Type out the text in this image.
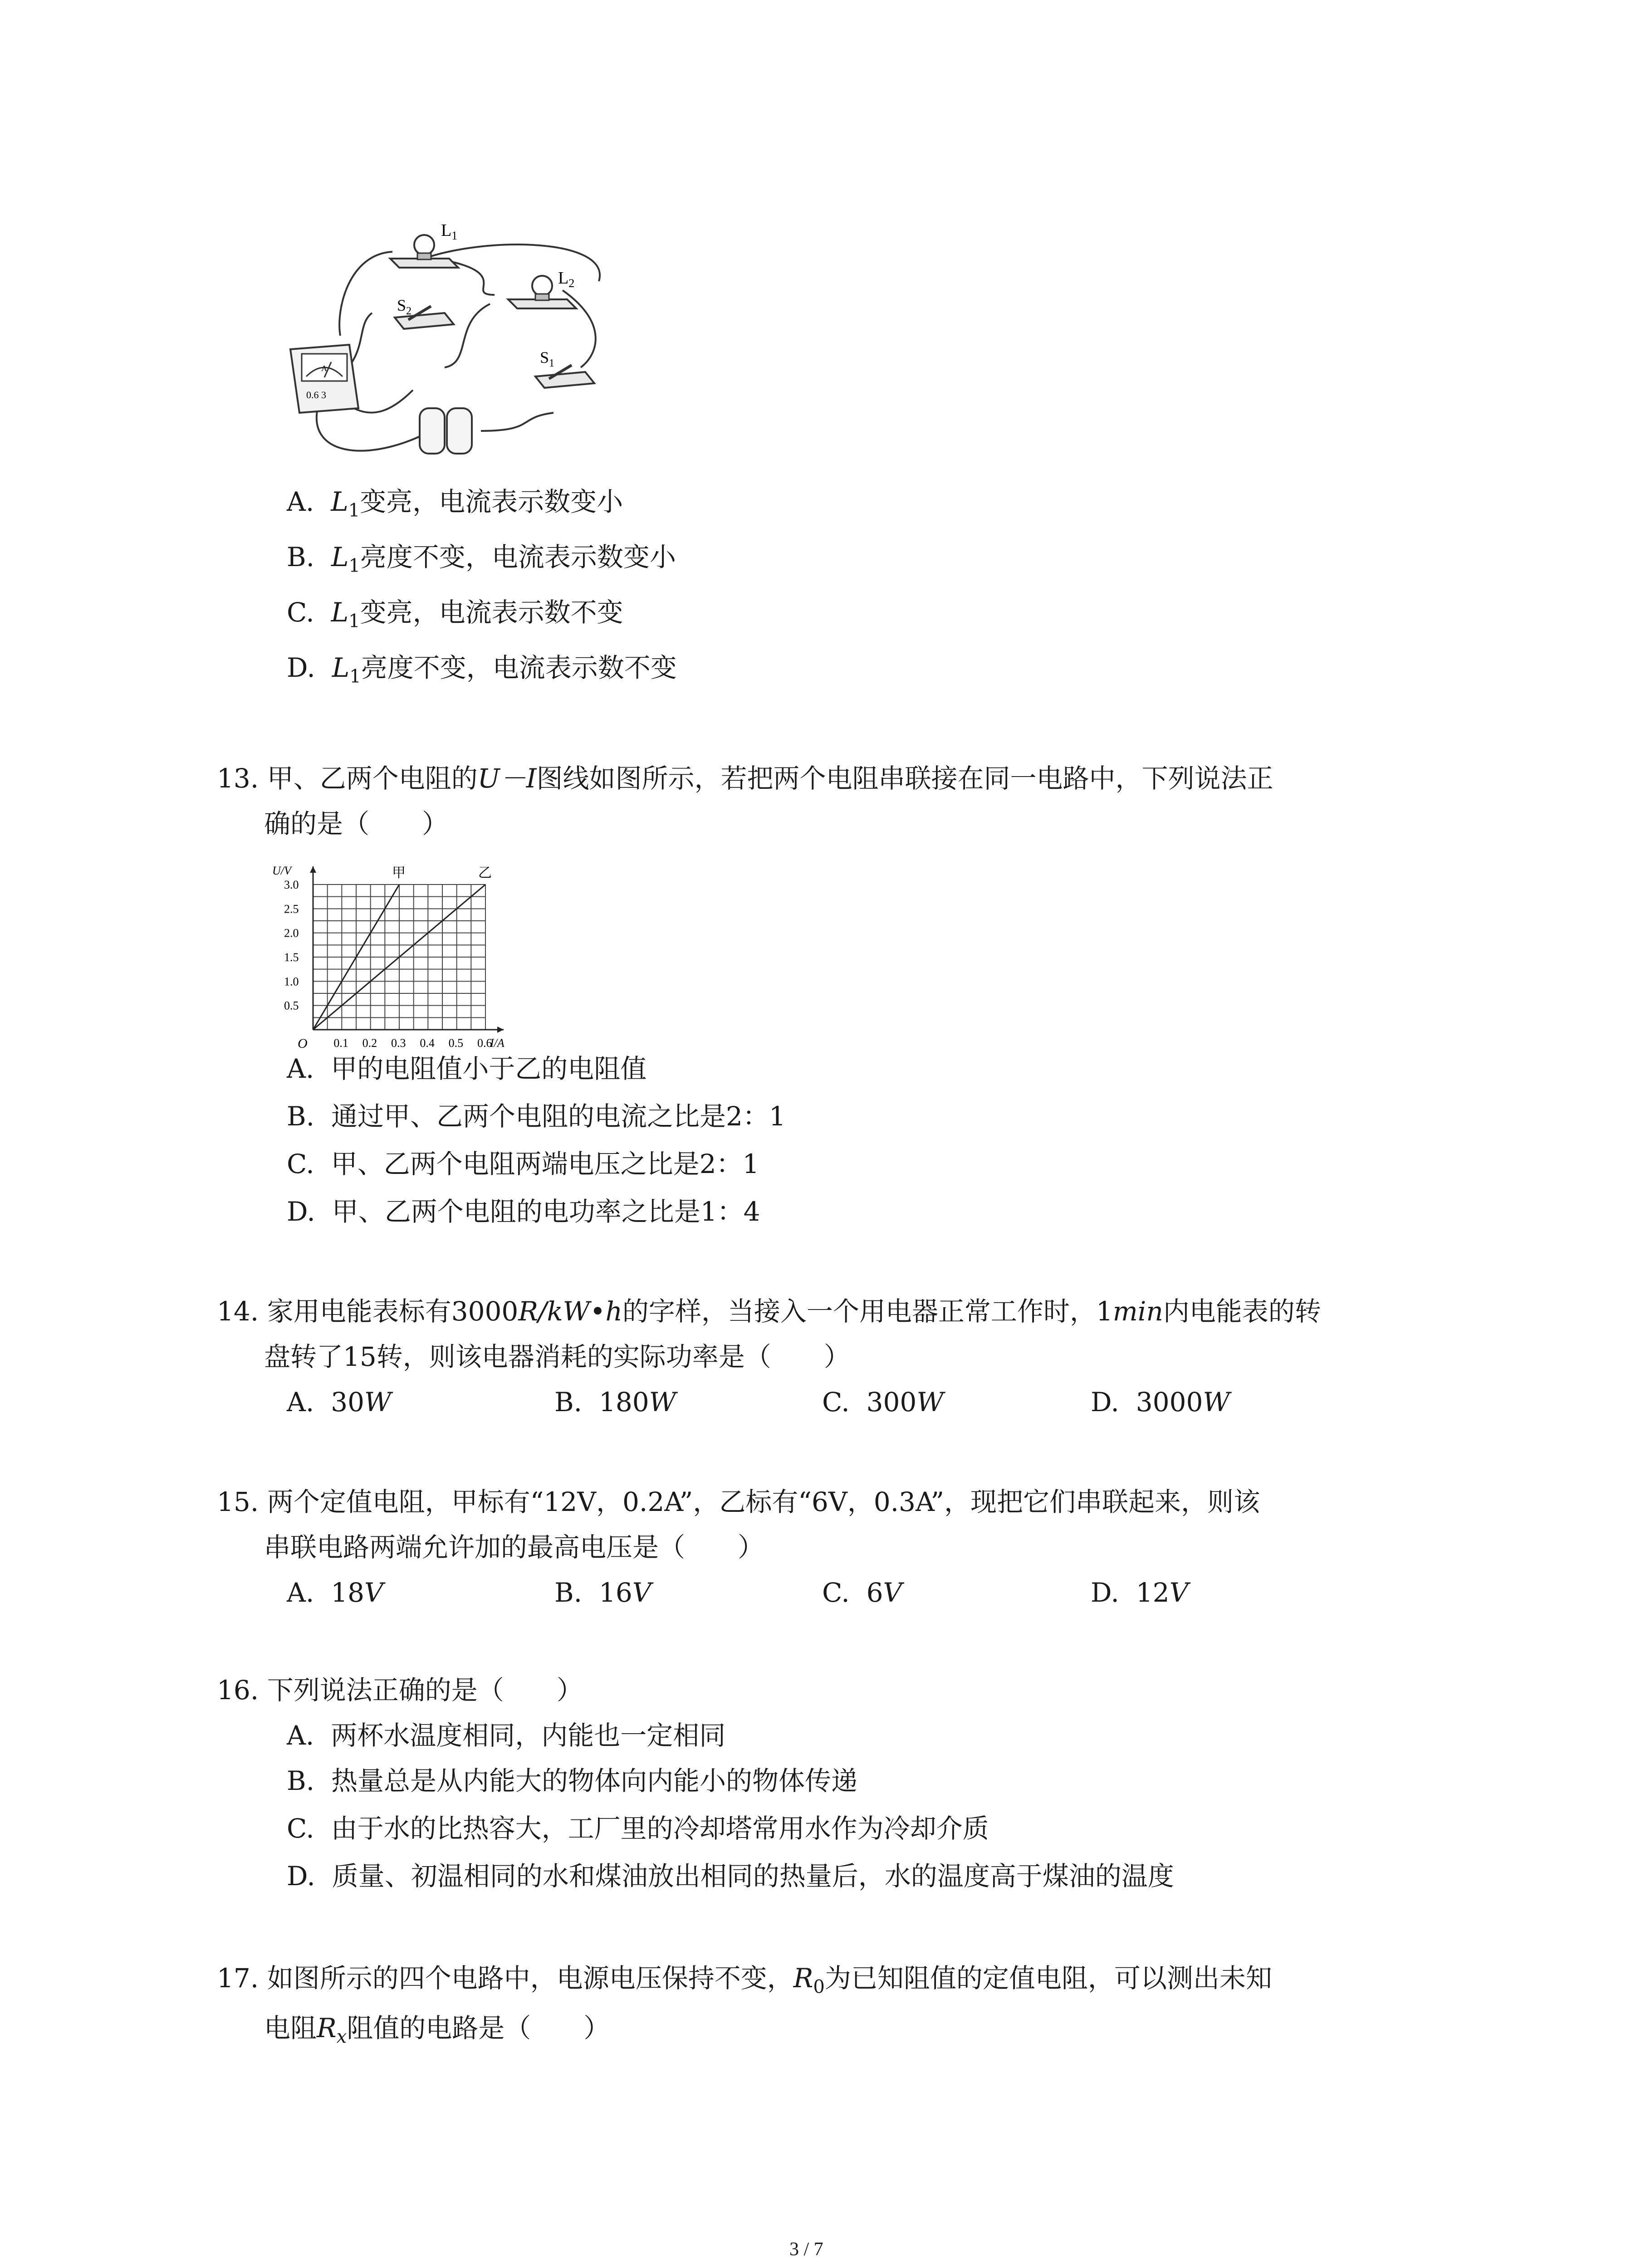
$L_1$
$L_2$
$S_2$
$S_1$
A
0.6 3
A. $L_1$变亮，电流表示数变小
B. $L_1$亮度不变，电流表示数变小
C. $L_1$变亮，电流表示数不变
D. $L_1$亮度不变，电流表示数不变
13. 甲、乙两个电阻的U－I图线如图所示，若把两个电阻串联接在同一电路中，下列说法正
确的是（　　）
甲	乙
0.1 0.2 0.3 0.4 0.5 0.6
0.5
1.0
1.5
2.0
2.5
3.0
O	I/A
U/V
A. 甲的电阻值小于乙的电阻值
B. 通过甲、乙两个电阻的电流之比是2：1
C. 甲、乙两个电阻两端电压之比是2：1
D. 甲、乙两个电阻的电功率之比是1：4
14. 家用电能表标有3000R/kW•h的字样，当接入一个用电器正常工作时，1min内电能表的转
盘转了15转，则该电器消耗的实际功率是（　　）
A. 30W	B. 180W	C. 300W	D. 3000W
15. 两个定值电阻，甲标有“12V，0.2A”，乙标有“6V，0.3A”，现把它们串联起来，则该
串联电路两端允许加的最高电压是（　　）
A. 18V	B. 16V	C. 6V	D. 12V
16. 下列说法正确的是（　　）
A. 两杯水温度相同，内能也一定相同
B. 热量总是从内能大的物体向内能小的物体传递
C. 由于水的比热容大，工厂里的冷却塔常用水作为冷却介质
D. 质量、初温相同的水和煤油放出相同的热量后，水的温度高于煤油的温度
17. 如图所示的四个电路中，电源电压保持不变，$R_0$为已知阻值的定值电阻，可以测出未知
电阻$R_x$阻值的电路是（　　）
3 / 7
